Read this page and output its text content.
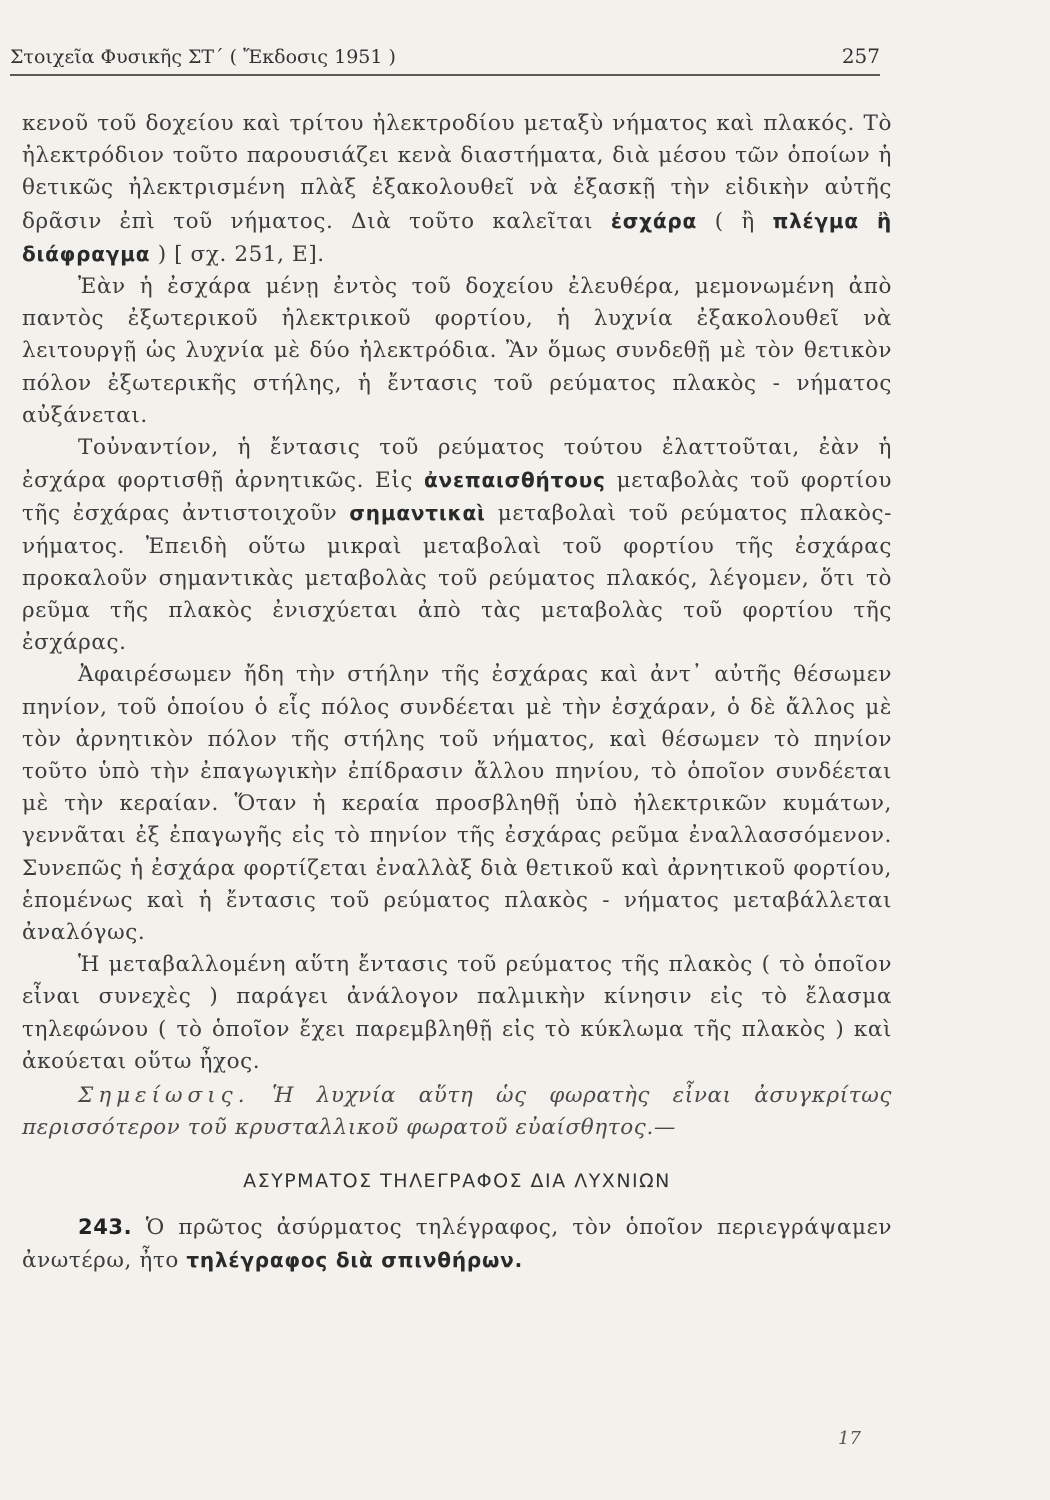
Στοιχεῖα Φυσικῆς ΣΤ΄ ( Ἔκδοσις 1951 )	257

κενοῦ τοῦ δοχείου καὶ τρίτου ἠλεκτροδίου μεταξὺ νήματος καὶ πλακός. Τὸ ἠλεκτρόδιον τοῦτο παρουσιάζει κενὰ διαστήματα, διὰ μέσου τῶν ὁποίων ἡ θετικῶς ἠλεκτρισμένη πλὰξ ἐξακολουθεῖ νὰ ἐξασκῇ τὴν εἰδικὴν αὐτῆς δρᾶσιν ἐπὶ τοῦ νήματος. Διὰ τοῦτο καλεῖται ἐσχάρα ( ἢ πλέγμα ἢ διάφραγμα ) [ σχ. 251, Ε].

Ἐὰν ἡ ἐσχάρα μένῃ ἐντὸς τοῦ δοχείου ἐλευθέρα, μεμονωμένη ἀπὸ παντὸς ἐξωτερικοῦ ἠλεκτρικοῦ φορτίου, ἡ λυχνία ἐξακολουθεῖ νὰ λειτουργῇ ὡς λυχνία μὲ δύο ἠλεκτρόδια. Ἂν ὅμως συνδεθῇ μὲ τὸν θετικὸν πόλον ἐξωτερικῆς στήλης, ἡ ἔντασις τοῦ ρεύματος πλακὸς - νήματος αὐξάνεται.

Τοὐναντίον, ἡ ἔντασις τοῦ ρεύματος τούτου ἐλαττοῦται, ἐὰν ἡ ἐσχάρα φορτισθῇ ἀρνητικῶς. Εἰς ἀνεπαισθήτους μεταβολὰς τοῦ φορτίου τῆς ἐσχάρας ἀντιστοιχοῦν σημαντικαὶ μεταβολαὶ τοῦ ρεύματος πλακὸς-νήματος. Ἐπειδὴ οὕτω μικραὶ μεταβολαὶ τοῦ φορτίου τῆς ἐσχάρας προκαλοῦν σημαντικὰς μεταβολὰς τοῦ ρεύματος πλακός, λέγομεν, ὅτι τὸ ρεῦμα τῆς πλακὸς ἐνισχύεται ἀπὸ τὰς μεταβολὰς τοῦ φορτίου τῆς ἐσχάρας.

Ἀφαιρέσωμεν ἤδη τὴν στήλην τῆς ἐσχάρας καὶ ἀντ᾽ αὐτῆς θέσωμεν πηνίον, τοῦ ὁποίου ὁ εἷς πόλος συνδέεται μὲ τὴν ἐσχάραν, ὁ δὲ ἄλλος μὲ τὸν ἀρνητικὸν πόλον τῆς στήλης τοῦ νήματος, καὶ θέσωμεν τὸ πηνίον τοῦτο ὑπὸ τὴν ἐπαγωγικὴν ἐπίδρασιν ἄλλου πηνίου, τὸ ὁποῖον συνδέεται μὲ τὴν κεραίαν. Ὅταν ἡ κεραία προσβληθῇ ὑπὸ ἠλεκτρικῶν κυμάτων, γεννᾶται ἐξ ἐπαγωγῆς εἰς τὸ πηνίον τῆς ἐσχάρας ρεῦμα ἐναλλασσόμενον. Συνεπῶς ἡ ἐσχάρα φορτίζεται ἐναλλὰξ διὰ θετικοῦ καὶ ἀρνητικοῦ φορτίου, ἑπομένως καὶ ἡ ἔντασις τοῦ ρεύματος πλακὸς - νήματος μεταβάλλεται ἀναλόγως.

Ἡ μεταβαλλομένη αὕτη ἔντασις τοῦ ρεύματος τῆς πλακὸς ( τὸ ὁποῖον εἶναι συνεχὲς ) παράγει ἀνάλογον παλμικὴν κίνησιν εἰς τὸ ἔλασμα τηλεφώνου ( τὸ ὁποῖον ἔχει παρεμβληθῇ εἰς τὸ κύκλωμα τῆς πλακὸς ) καὶ ἀκούεται οὕτω ἦχος.

Σημείωσις. Ἡ λυχνία αὕτη ὡς φωρατὴς εἶναι ἀσυγκρίτως περισσότερον τοῦ κρυσταλλικοῦ φωρατοῦ εὐαίσθητος.—

ΑΣΥΡΜΑΤΟΣ ΤΗΛΕΓΡΑΦΟΣ ΔΙΑ ΛΥΧΝΙΩΝ

243. Ὁ πρῶτος ἀσύρματος τηλέγραφος, τὸν ὁποῖον περιεγράψαμεν ἀνωτέρω, ἦτο τηλέγραφος διὰ σπινθήρων.

17
